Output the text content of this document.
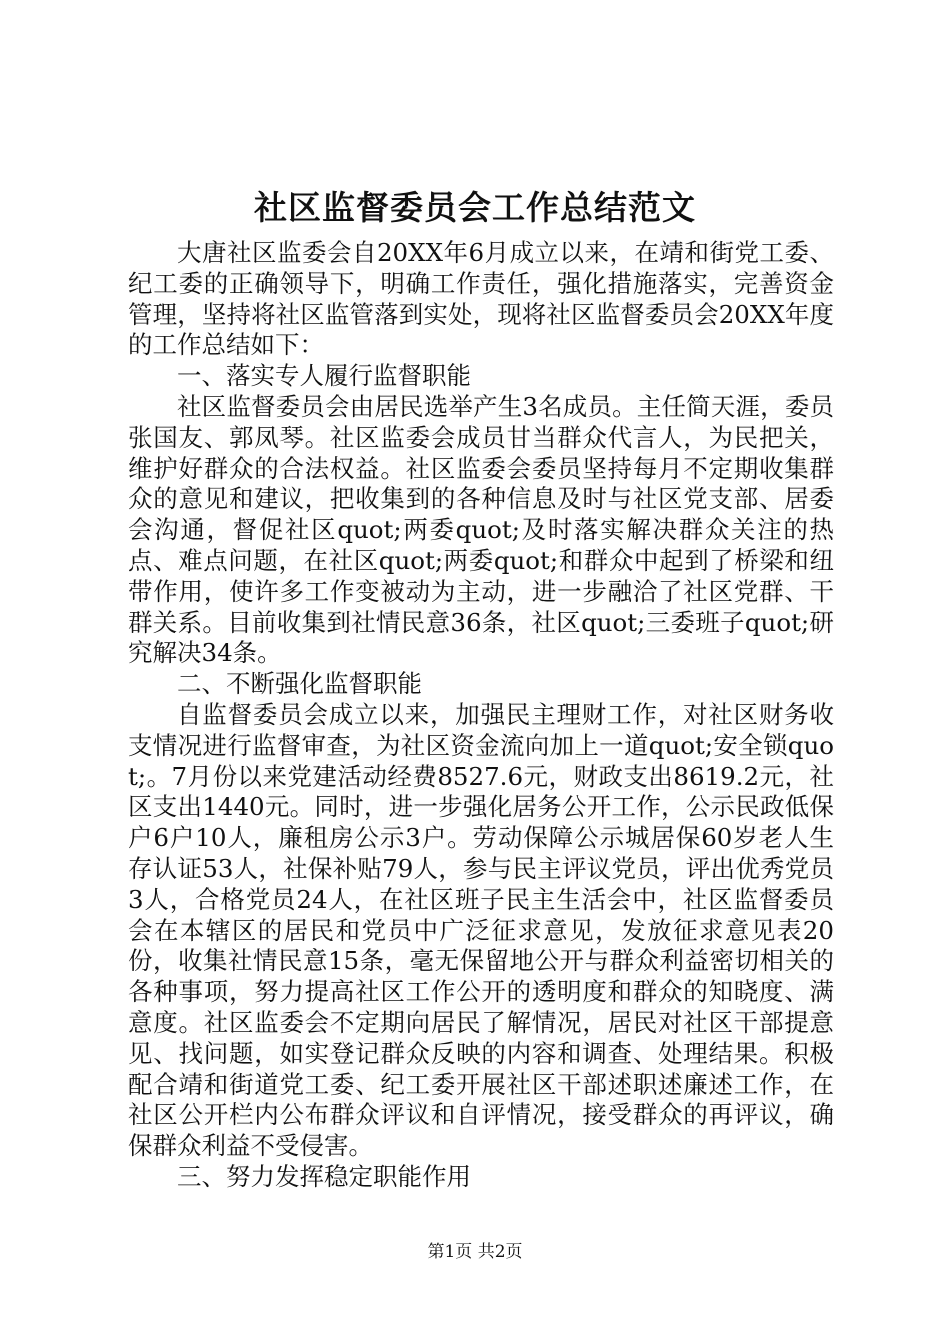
社区监督委员会工作总结范文

大唐社区监委会自20XX年6月成立以来，在靖和街党工委、纪工委的正确领导下，明确工作责任，强化措施落实，完善资金管理，坚持将社区监管落到实处，现将社区监督委员会20XX年度的工作总结如下：

一、落实专人履行监督职能

社区监督委员会由居民选举产生3名成员。主任简天涯，委员张国友、郭凤琴。社区监委会成员甘当群众代言人，为民把关，维护好群众的合法权益。社区监委会委员坚持每月不定期收集群众的意见和建议，把收集到的各种信息及时与社区党支部、居委会沟通，督促社区quot;两委quot;及时落实解决群众关注的热点、难点问题，在社区quot;两委quot;和群众中起到了桥梁和纽带作用，使许多工作变被动为主动，进一步融洽了社区党群、干群关系。目前收集到社情民意36条，社区quot;三委班子quot;研究解决34条。

二、不断强化监督职能

自监督委员会成立以来，加强民主理财工作，对社区财务收支情况进行监督审查，为社区资金流向加上一道quot;安全锁quot;。7月份以来党建活动经费8527.6元，财政支出8619.2元，社区支出1440元。同时，进一步强化居务公开工作，公示民政低保户6户10人，廉租房公示3户。劳动保障公示城居保60岁老人生存认证53人，社保补贴79人，参与民主评议党员，评出优秀党员3人，合格党员24人，在社区班子民主生活会中，社区监督委员会在本辖区的居民和党员中广泛征求意见，发放征求意见表20份，收集社情民意15条，毫无保留地公开与群众利益密切相关的各种事项，努力提高社区工作公开的透明度和群众的知晓度、满意度。社区监委会不定期向居民了解情况，居民对社区干部提意见、找问题，如实登记群众反映的内容和调查、处理结果。积极配合靖和街道党工委、纪工委开展社区干部述职述廉述工作，在社区公开栏内公布群众评议和自评情况，接受群众的再评议，确保群众利益不受侵害。

三、努力发挥稳定职能作用

第1页 共2页
